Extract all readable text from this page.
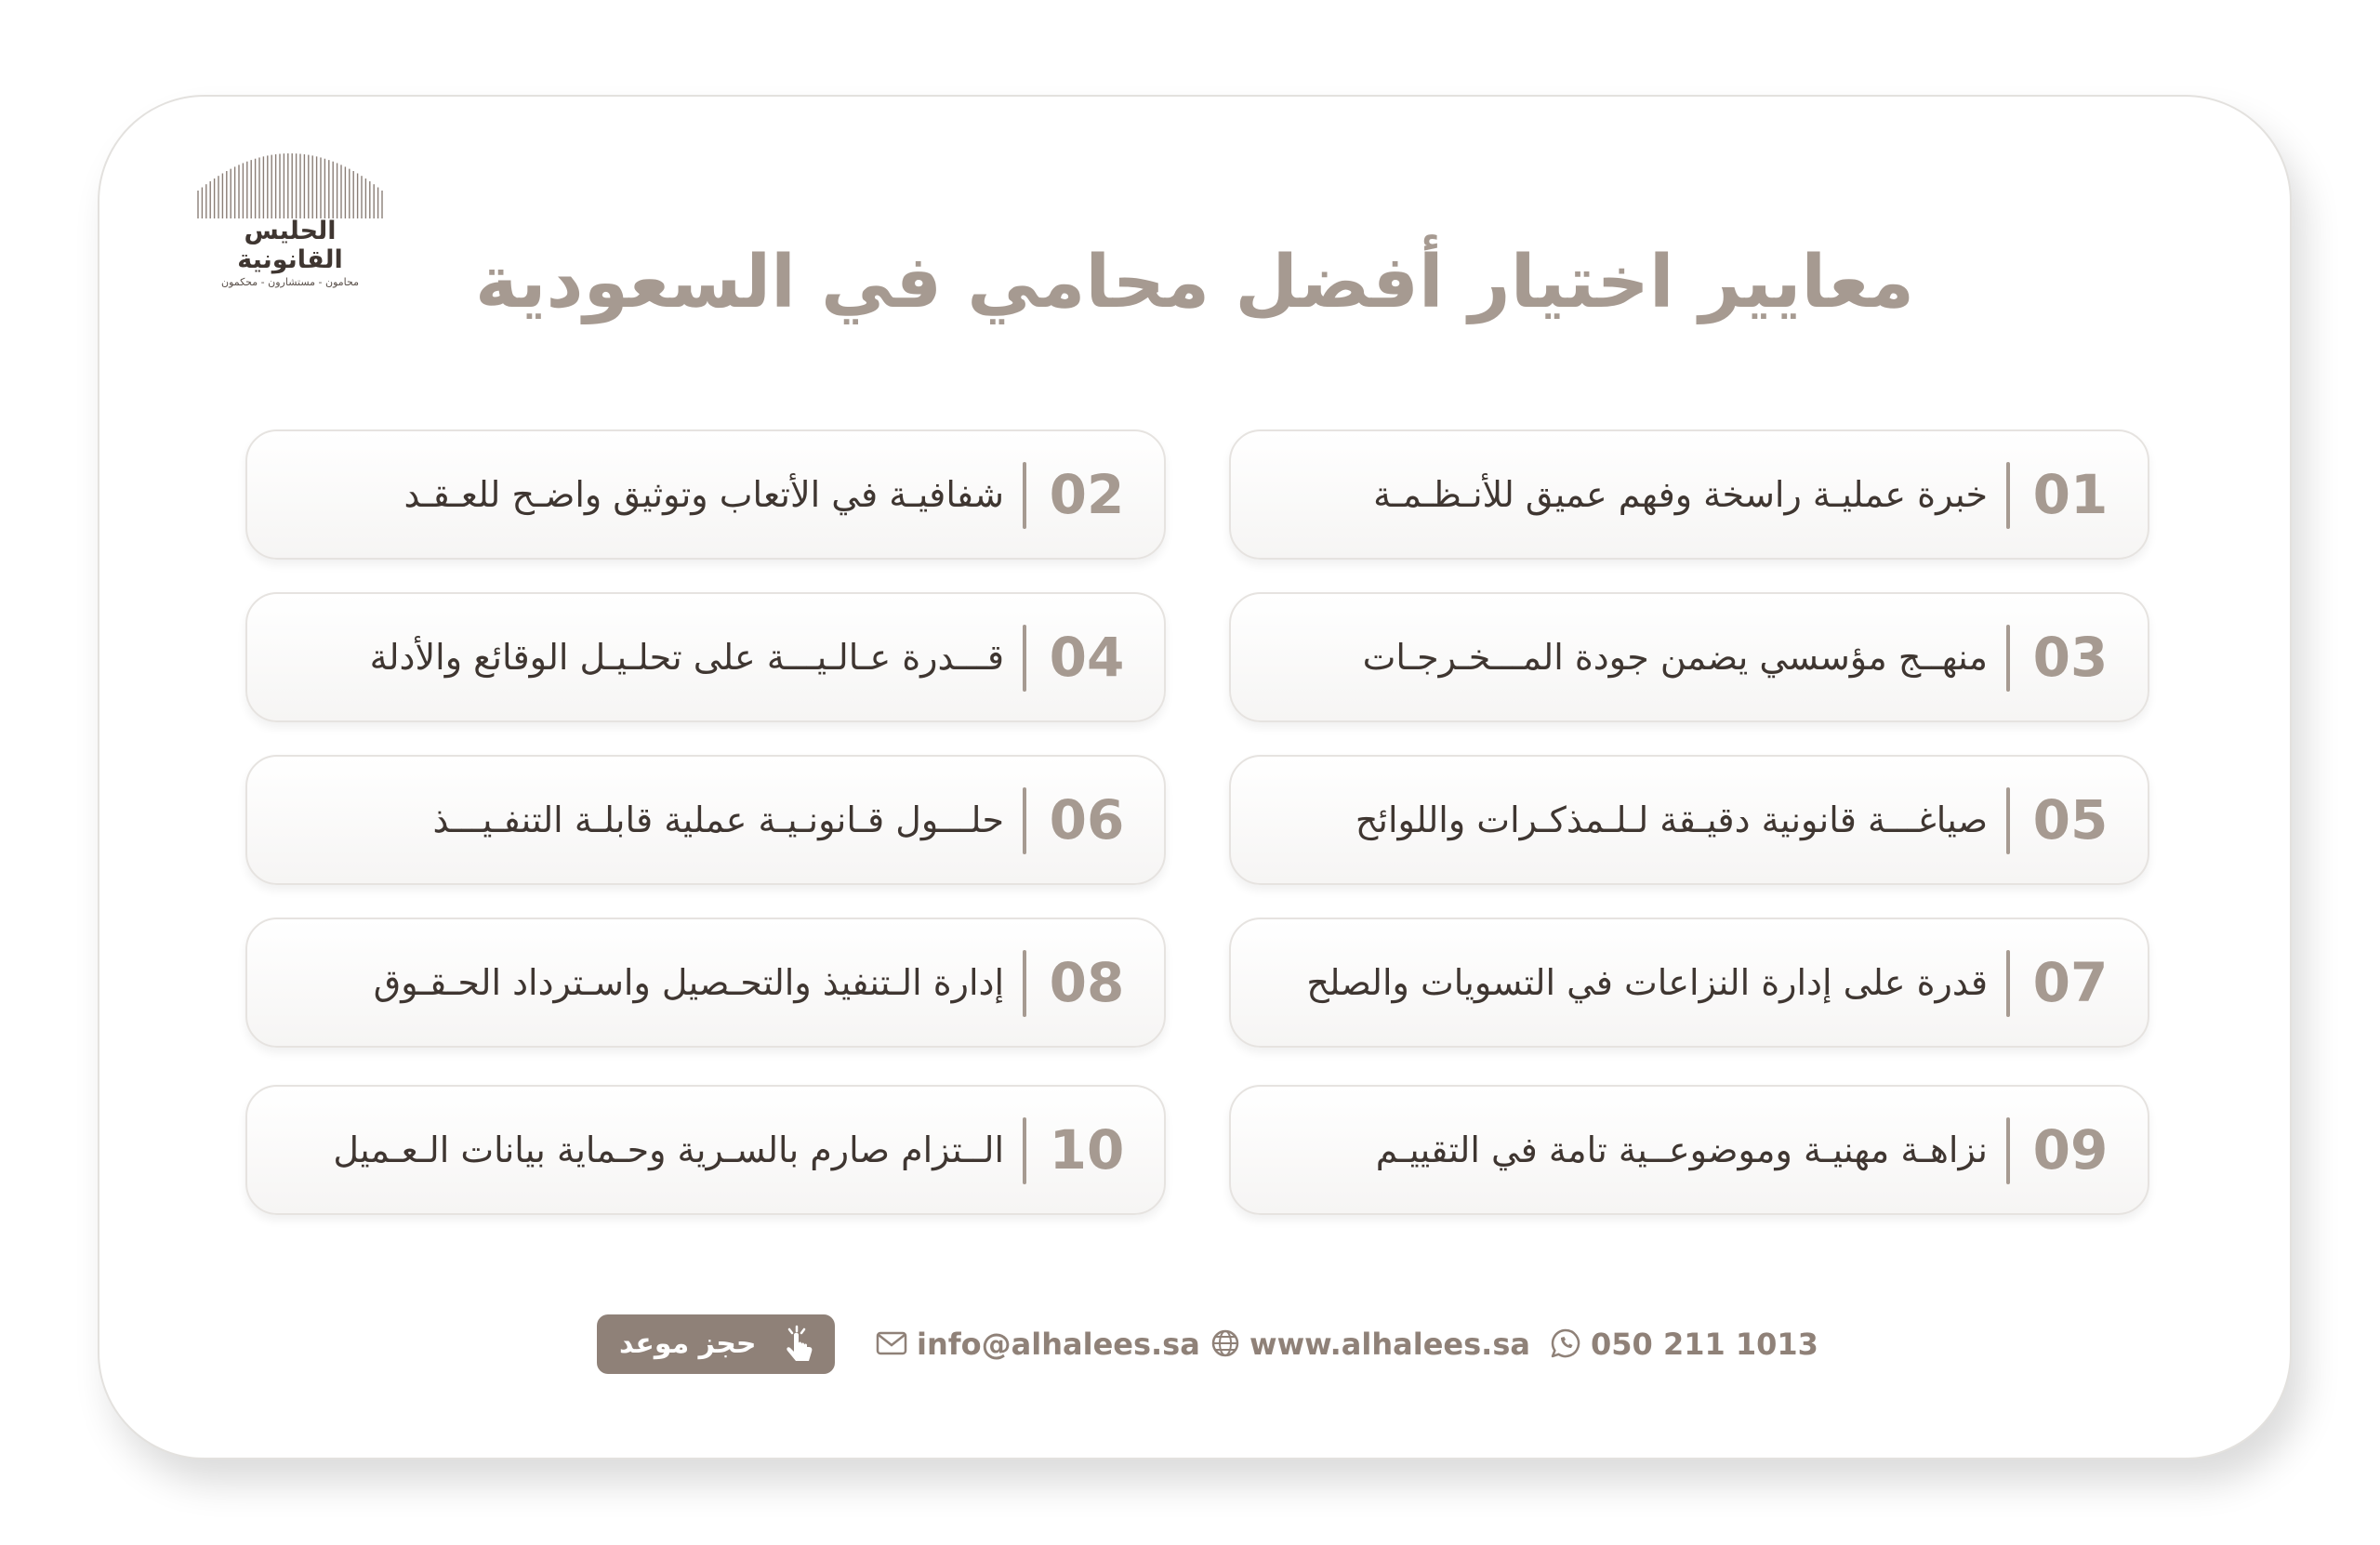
الحليس القانونية
محامون - مستشارون - محكمون	معايير اختيار أفضل محامي في السعودية
01
خبرة عمليـة راسخة وفهم عميق للأنـظـمـة
02
شفافيـة في الأتعاب وتوثيق واضـح للعـقـد
03
منهــج مؤسسي يضمن جودة المـــخـرجـات
04
قـــدرة عـالـيـــة على تحلـيـل الوقائع والأدلة
05
صياغـــة قانونية دقيـقة لـلـمذكـرات واللوائح
06
حلـــول قـانونـيـة عملية قابلـة التنفـيـــذ
07
قدرة على إدارة النزاعات في التسويات والصلح
08
إدارة الـتنفيذ والتحـصيل واسـترداد الحـقـوق
09
نزاهـة مهنيـة وموضوعــية تامة في التقييـم
10
الــتزام صارم بالسـرية وحـماية بيانات الـعـميل
حجز موعد	info@alhalees.sa	www.alhalees.sa	050 211 1013
